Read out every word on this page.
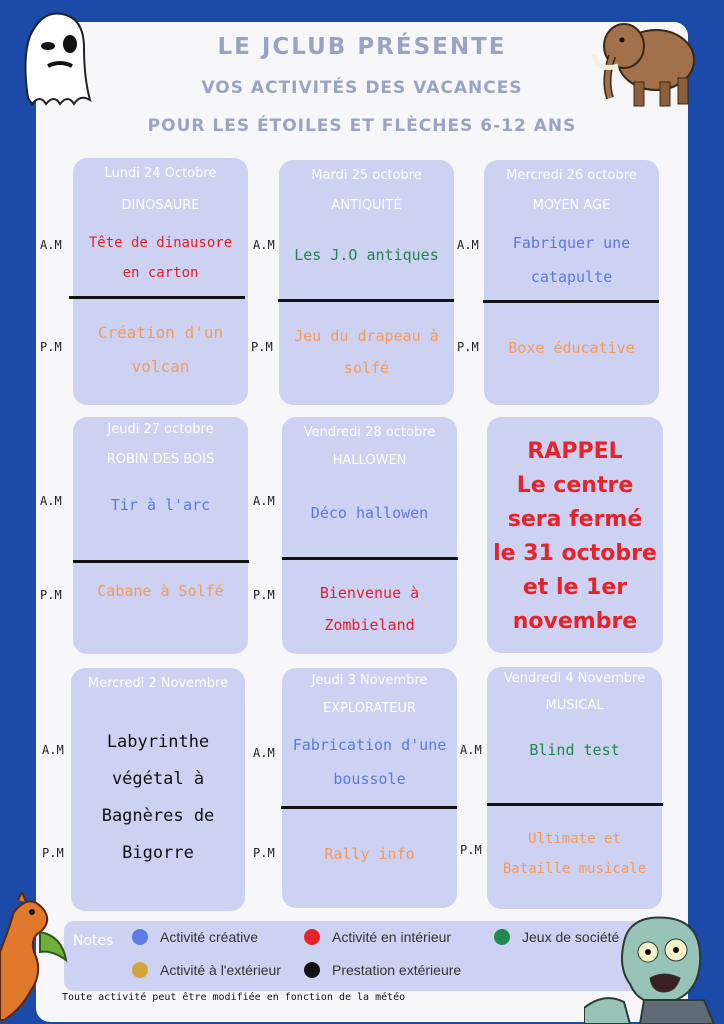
LE JCLUB PRÉSENTE
VOS ACTIVITÉS DES VACANCES
POUR LES ÉTOILES ET FLÈCHES 6-12 ANS
Lundi 24 Octobre
DINOSAURE
Tête de dinausore en carton
Création d'un volcan
Mardi 25 octobre
ANTIQUITÉ
Les J.O antiques
Jeu du drapeau à solfé
Mercredi 26 octobre
MOYEN AGE
Fabriquer une catapulte
Boxe éducative
Jeudi 27 octobre
ROBIN DES BOIS
Tir à l'arc
Cabane à Solfé
Vendredi 28 octobre
HALLOWEN
Déco hallowen
Bienvenue à Zombieland
RAPPEL
Le centre
sera fermé
le 31 octobre
et le 1er
novembre
Mercredi 2 Novembre
Labyrinthe végétal à Bagnères de Bigorre
Jeudi 3 Novembre
EXPLORATEUR
Fabrication d'une boussole
Rally info
Vendredi 4 Novembre
MUSICAL
Blind test
Ultimate et Bataille musicale
A.M
P.M
A.M
P.M
A.M
P.M
A.M
P.M
A.M
P.M
A.M
P.M
A.M
P.M
A.M
P.M
Notes	Activité créative	Activité en intérieur	Jeux de société
Activité à l'extérieur	Prestation extérieure
Toute activité peut être modifiée en fonction de la météo
